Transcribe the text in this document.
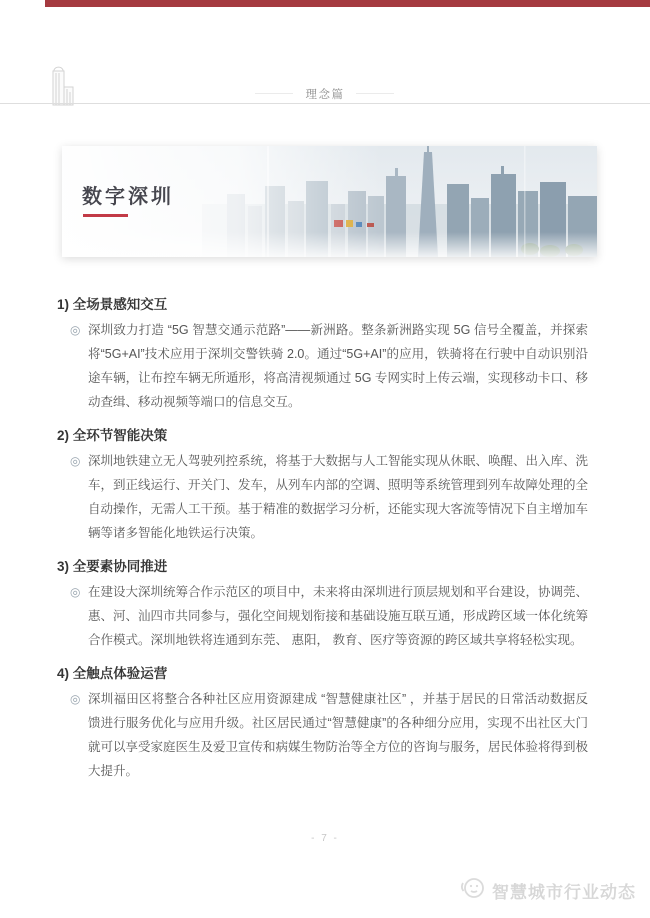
理念篇
数字深圳
1) 全场景感知交互

◎ 深圳致力打造 “5G 智慧交通示范路”——新洲路。整条新洲路实现 5G 信号全覆盖，并探索将“5G+AI”技术应用于深圳交警铁骑 2.0。通过“5G+AI”的应用，铁骑将在行驶中自动识别沿途车辆，让布控车辆无所遁形，将高清视频通过 5G 专网实时上传云端，实现移动卡口、移动查缉、移动视频等端口的信息交互。

2) 全环节智能决策

◎ 深圳地铁建立无人驾驶列控系统，将基于大数据与人工智能实现从休眠、唤醒、出入库、洗车，到正线运行、开关门、发车，从列车内部的空调、照明等系统管理到列车故障处理的全自动操作，无需人工干预。基于精准的数据学习分析，还能实现大客流等情况下自主增加车辆等诸多智能化地铁运行决策。

3) 全要素协同推进

◎ 在建设大深圳统筹合作示范区的项目中，未来将由深圳进行顶层规划和平台建设，协调莞、惠、河、汕四市共同参与，强化空间规划衔接和基础设施互联互通，形成跨区域一体化统筹合作模式。深圳地铁将连通到东莞、 惠阳， 教育、医疗等资源的跨区域共享将轻松实现。

4) 全触点体验运营

◎ 深圳福田区将整合各种社区应用资源建成 “智慧健康社区” ，并基于居民的日常活动数据反馈进行服务优化与应用升级。社区居民通过“智慧健康”的各种细分应用，实现不出社区大门就可以享受家庭医生及爱卫宣传和病媒生物防治等全方位的咨询与服务，居民体验将得到极大提升。

- 7 -
智慧城市行业动态
